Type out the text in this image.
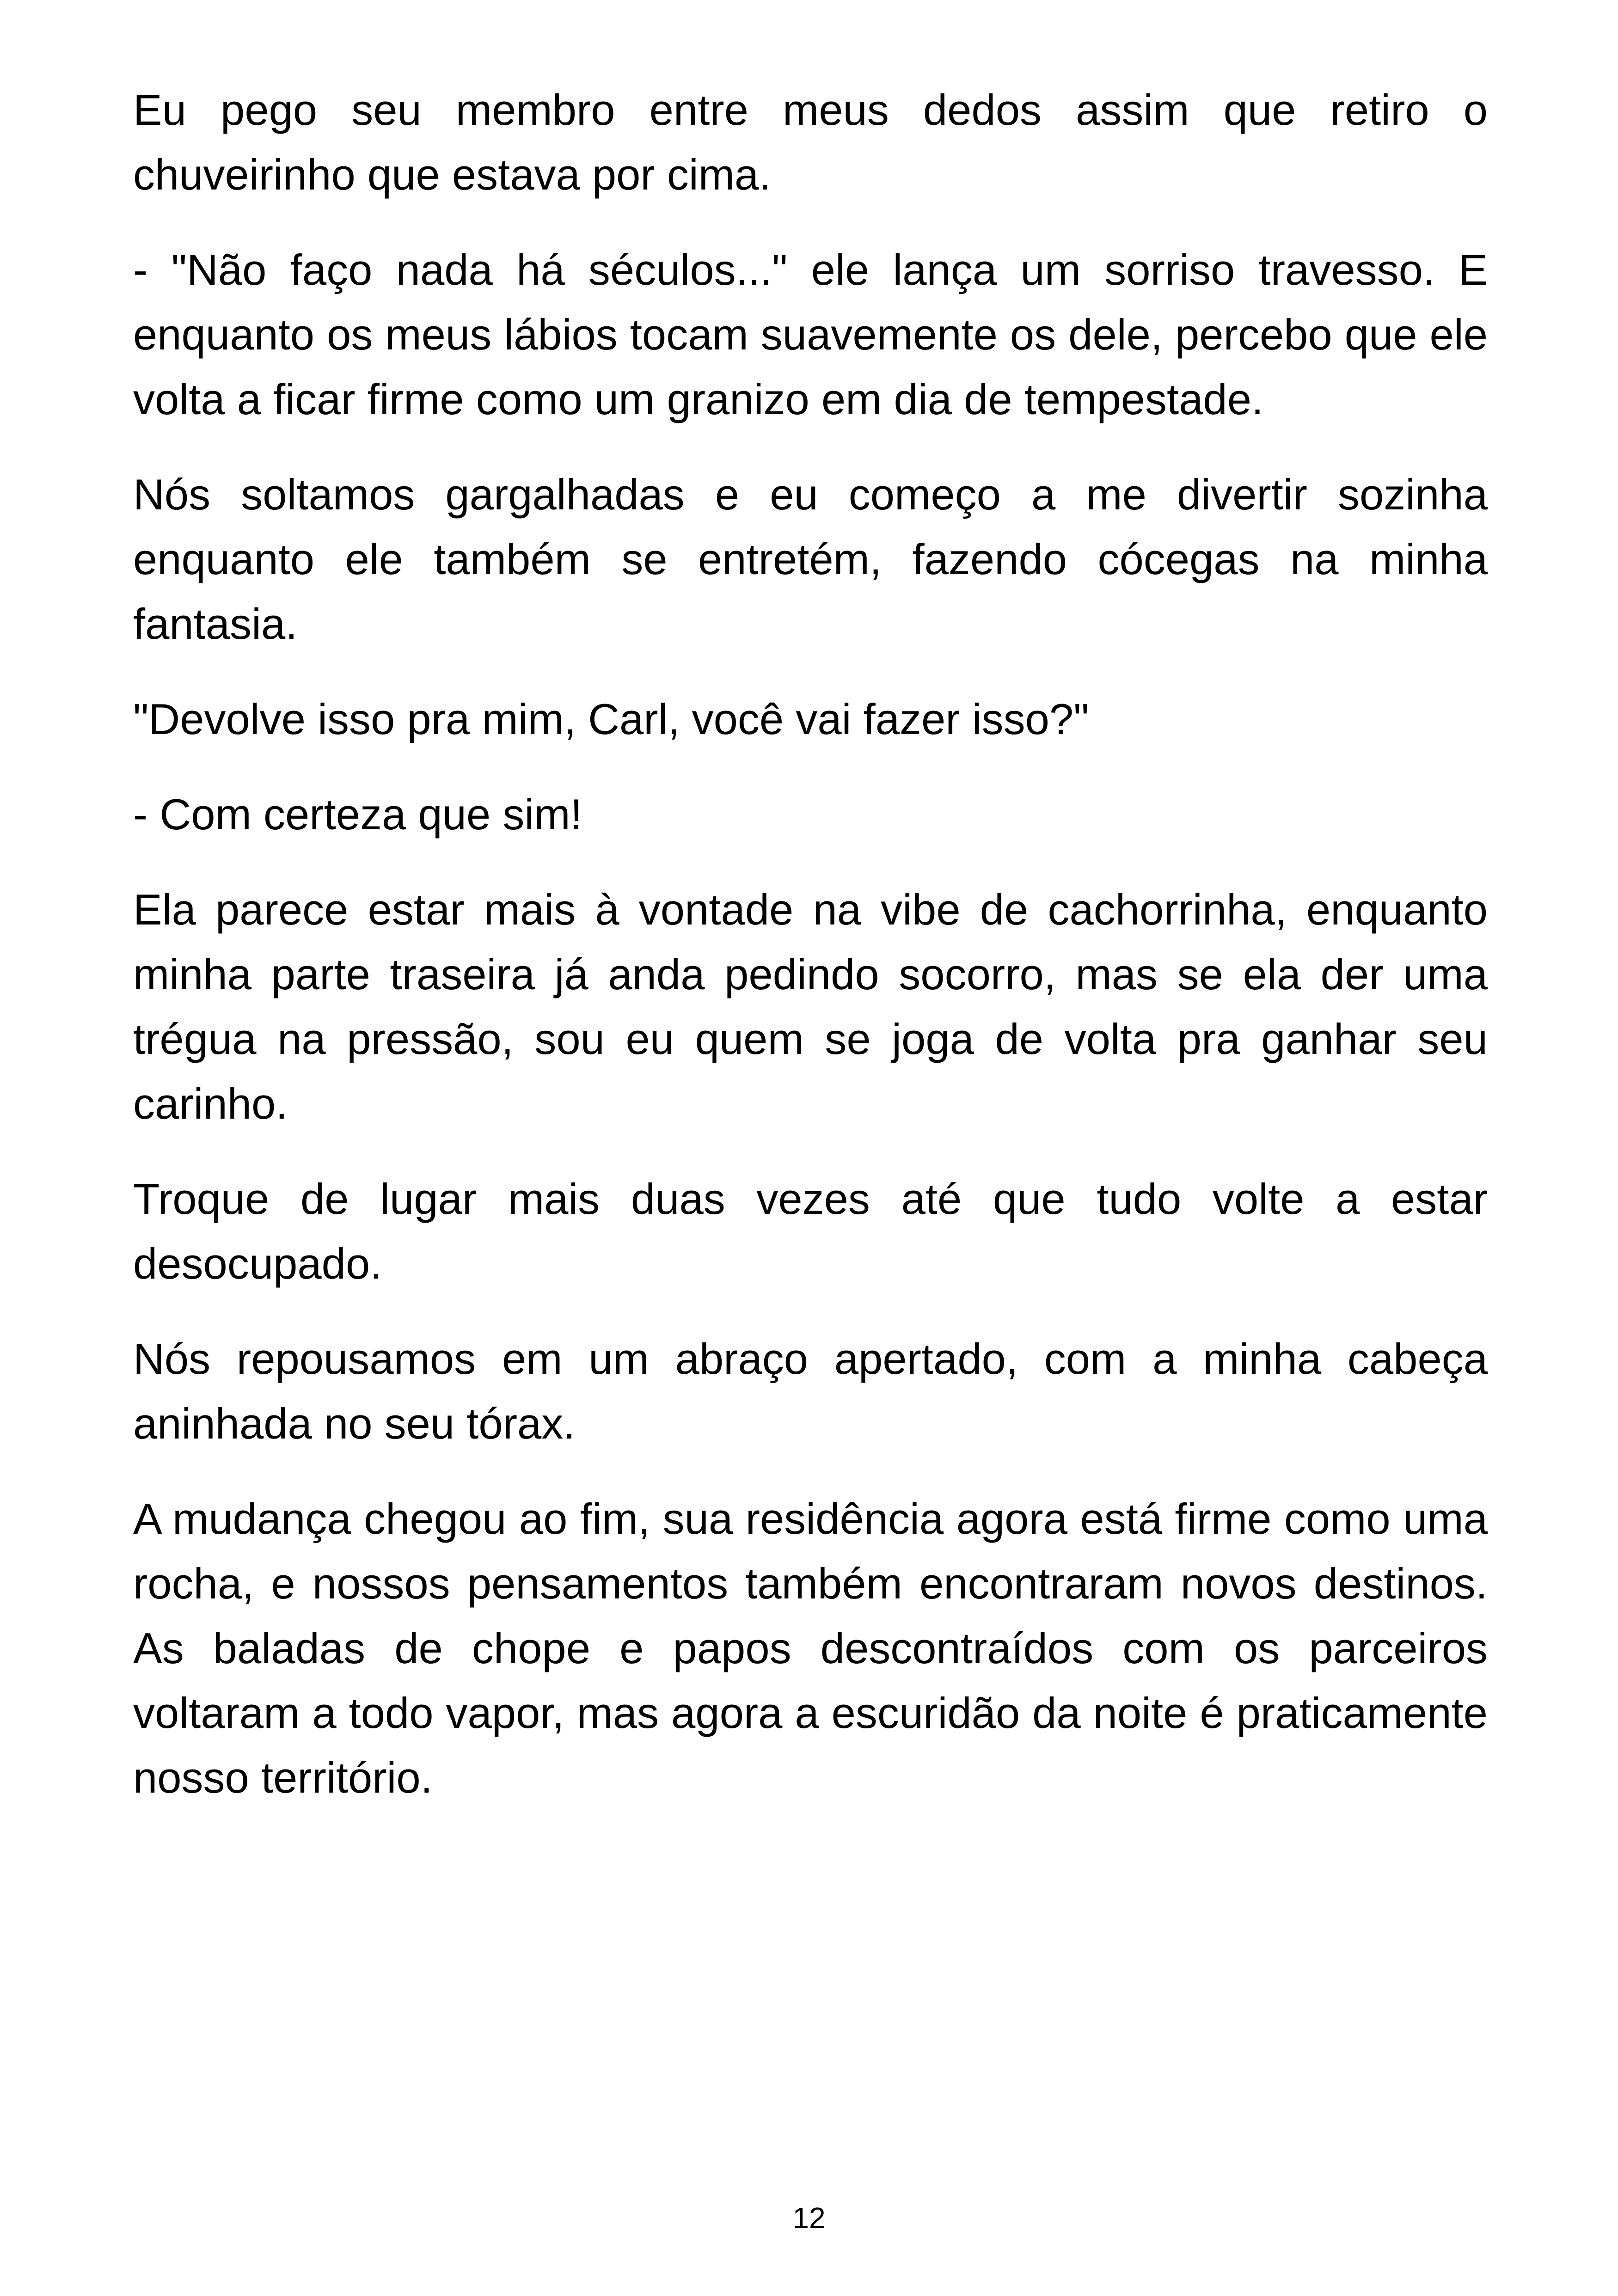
Eu pego seu membro entre meus dedos assim que retiro o chuveirinho que estava por cima.

- "Não faço nada há séculos..." ele lança um sorriso travesso. E enquanto os meus lábios tocam suavemente os dele, percebo que ele volta a ficar firme como um granizo em dia de tempestade.

Nós soltamos gargalhadas e eu começo a me divertir sozinha enquanto ele também se entretém, fazendo cócegas na minha fantasia.

"Devolve isso pra mim, Carl, você vai fazer isso?"

- Com certeza que sim!

Ela parece estar mais à vontade na vibe de cachorrinha, enquanto minha parte traseira já anda pedindo socorro, mas se ela der uma trégua na pressão, sou eu quem se joga de volta pra ganhar seu carinho.

Troque de lugar mais duas vezes até que tudo volte a estar desocupado.

Nós repousamos em um abraço apertado, com a minha cabeça aninhada no seu tórax.

A mudança chegou ao fim, sua residência agora está firme como uma rocha, e nossos pensamentos também encontraram novos destinos. As baladas de chope e papos descontraídos com os parceiros voltaram a todo vapor, mas agora a escuridão da noite é praticamente nosso território.

12
